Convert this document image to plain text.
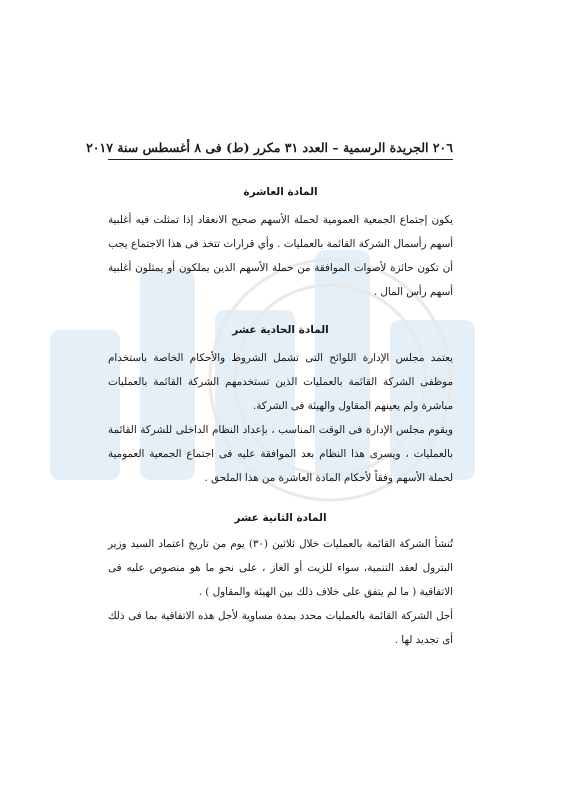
٢٠٦ الجريدة الرسمية – العدد ٣١ مكرر (ط) فى ٨ أغسطس سنة ٢٠١٧
المادة العاشرة

يكون إجتماع الجمعية العمومية لحملة الأسهم صحيح الانعقاد إذا تمثلت فيه أغلبية أسهم رأسمال الشركة القائمة بالعمليات . وأي قرارات تتخذ فى هذا الاجتماع يجب أن تكون حائزة لأصوات الموافقة من حملة الأسهم الذين يملكون أو يمثلون أغلبية أسهم رأس المال .

المادة الحادية عشر

يعتمد مجلس الإدارة اللوائح التى تشمل الشروط والأحكام الخاصة باستخدام موظفى الشركة القائمة بالعمليات الذين تستخدمهم الشركة القائمة بالعمليات مباشرة ولم يعينهم المقاول والهيئة فى الشركة.

ويقوم مجلس الإدارة فى الوقت المناسب ، بإعداد النظام الداخلى للشركة القائمة بالعمليات ، ويسرى هذا النظام بعد الموافقة عليه فى اجتماع الجمعية العمومية لحملة الأسهم وفقاً لأحكام المادة العاشرة من هذا الملحق .

المادة الثانية عشر

تُنشأ الشركة القائمة بالعمليات خلال ثلاثين (٣٠) يوم من تاريخ اعتماد السيد وزير البترول لعقد التنمية، سواء للزيت أو الغاز ، على نحو ما هو منصوص عليه فى الاتفاقية ( ما لم يتفق على خلاف ذلك بين الهيئة والمقاول ) .

أجل الشركة القائمة بالعمليات محدد بمدة مساوية لأجل هذه الاتفاقية بما فى ذلك أى تجديد لها .
